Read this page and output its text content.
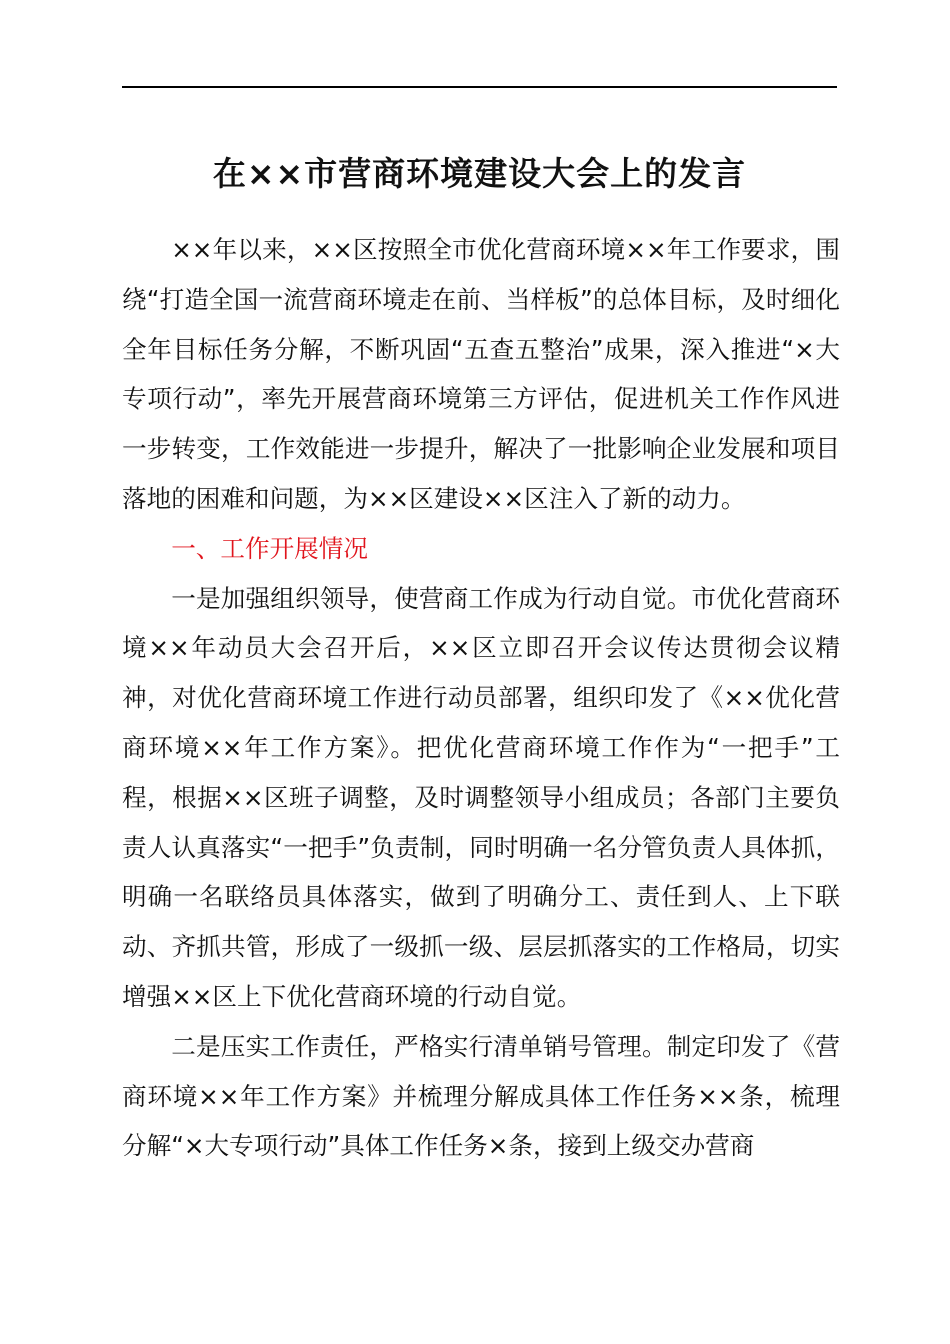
在××市营商环境建设大会上的发言

××年以来，××区按照全市优化营商环境××年工作要求，围绕“打造全国一流营商环境走在前、当样板”的总体目标，及时细化全年目标任务分解，不断巩固“五查五整治”成果，深入推进“×大专项行动”，率先开展营商环境第三方评估，促进机关工作作风进一步转变，工作效能进一步提升，解决了一批影响企业发展和项目落地的困难和问题，为××区建设××区注入了新的动力。

一、工作开展情况

一是加强组织领导，使营商工作成为行动自觉。市优化营商环境××年动员大会召开后，××区立即召开会议传达贯彻会议精神，对优化营商环境工作进行动员部署，组织印发了《××优化营商环境××年工作方案》。把优化营商环境工作作为“一把手”工程，根据××区班子调整，及时调整领导小组成员；各部门主要负责人认真落实“一把手”负责制，同时明确一名分管负责人具体抓，明确一名联络员具体落实，做到了明确分工、责任到人、上下联动、齐抓共管，形成了一级抓一级、层层抓落实的工作格局，切实增强××区上下优化营商环境的行动自觉。

二是压实工作责任，严格实行清单销号管理。制定印发了《营商环境××年工作方案》并梳理分解成具体工作任务××条，梳理分解“×大专项行动”具体工作任务×条，接到上级交办营商
